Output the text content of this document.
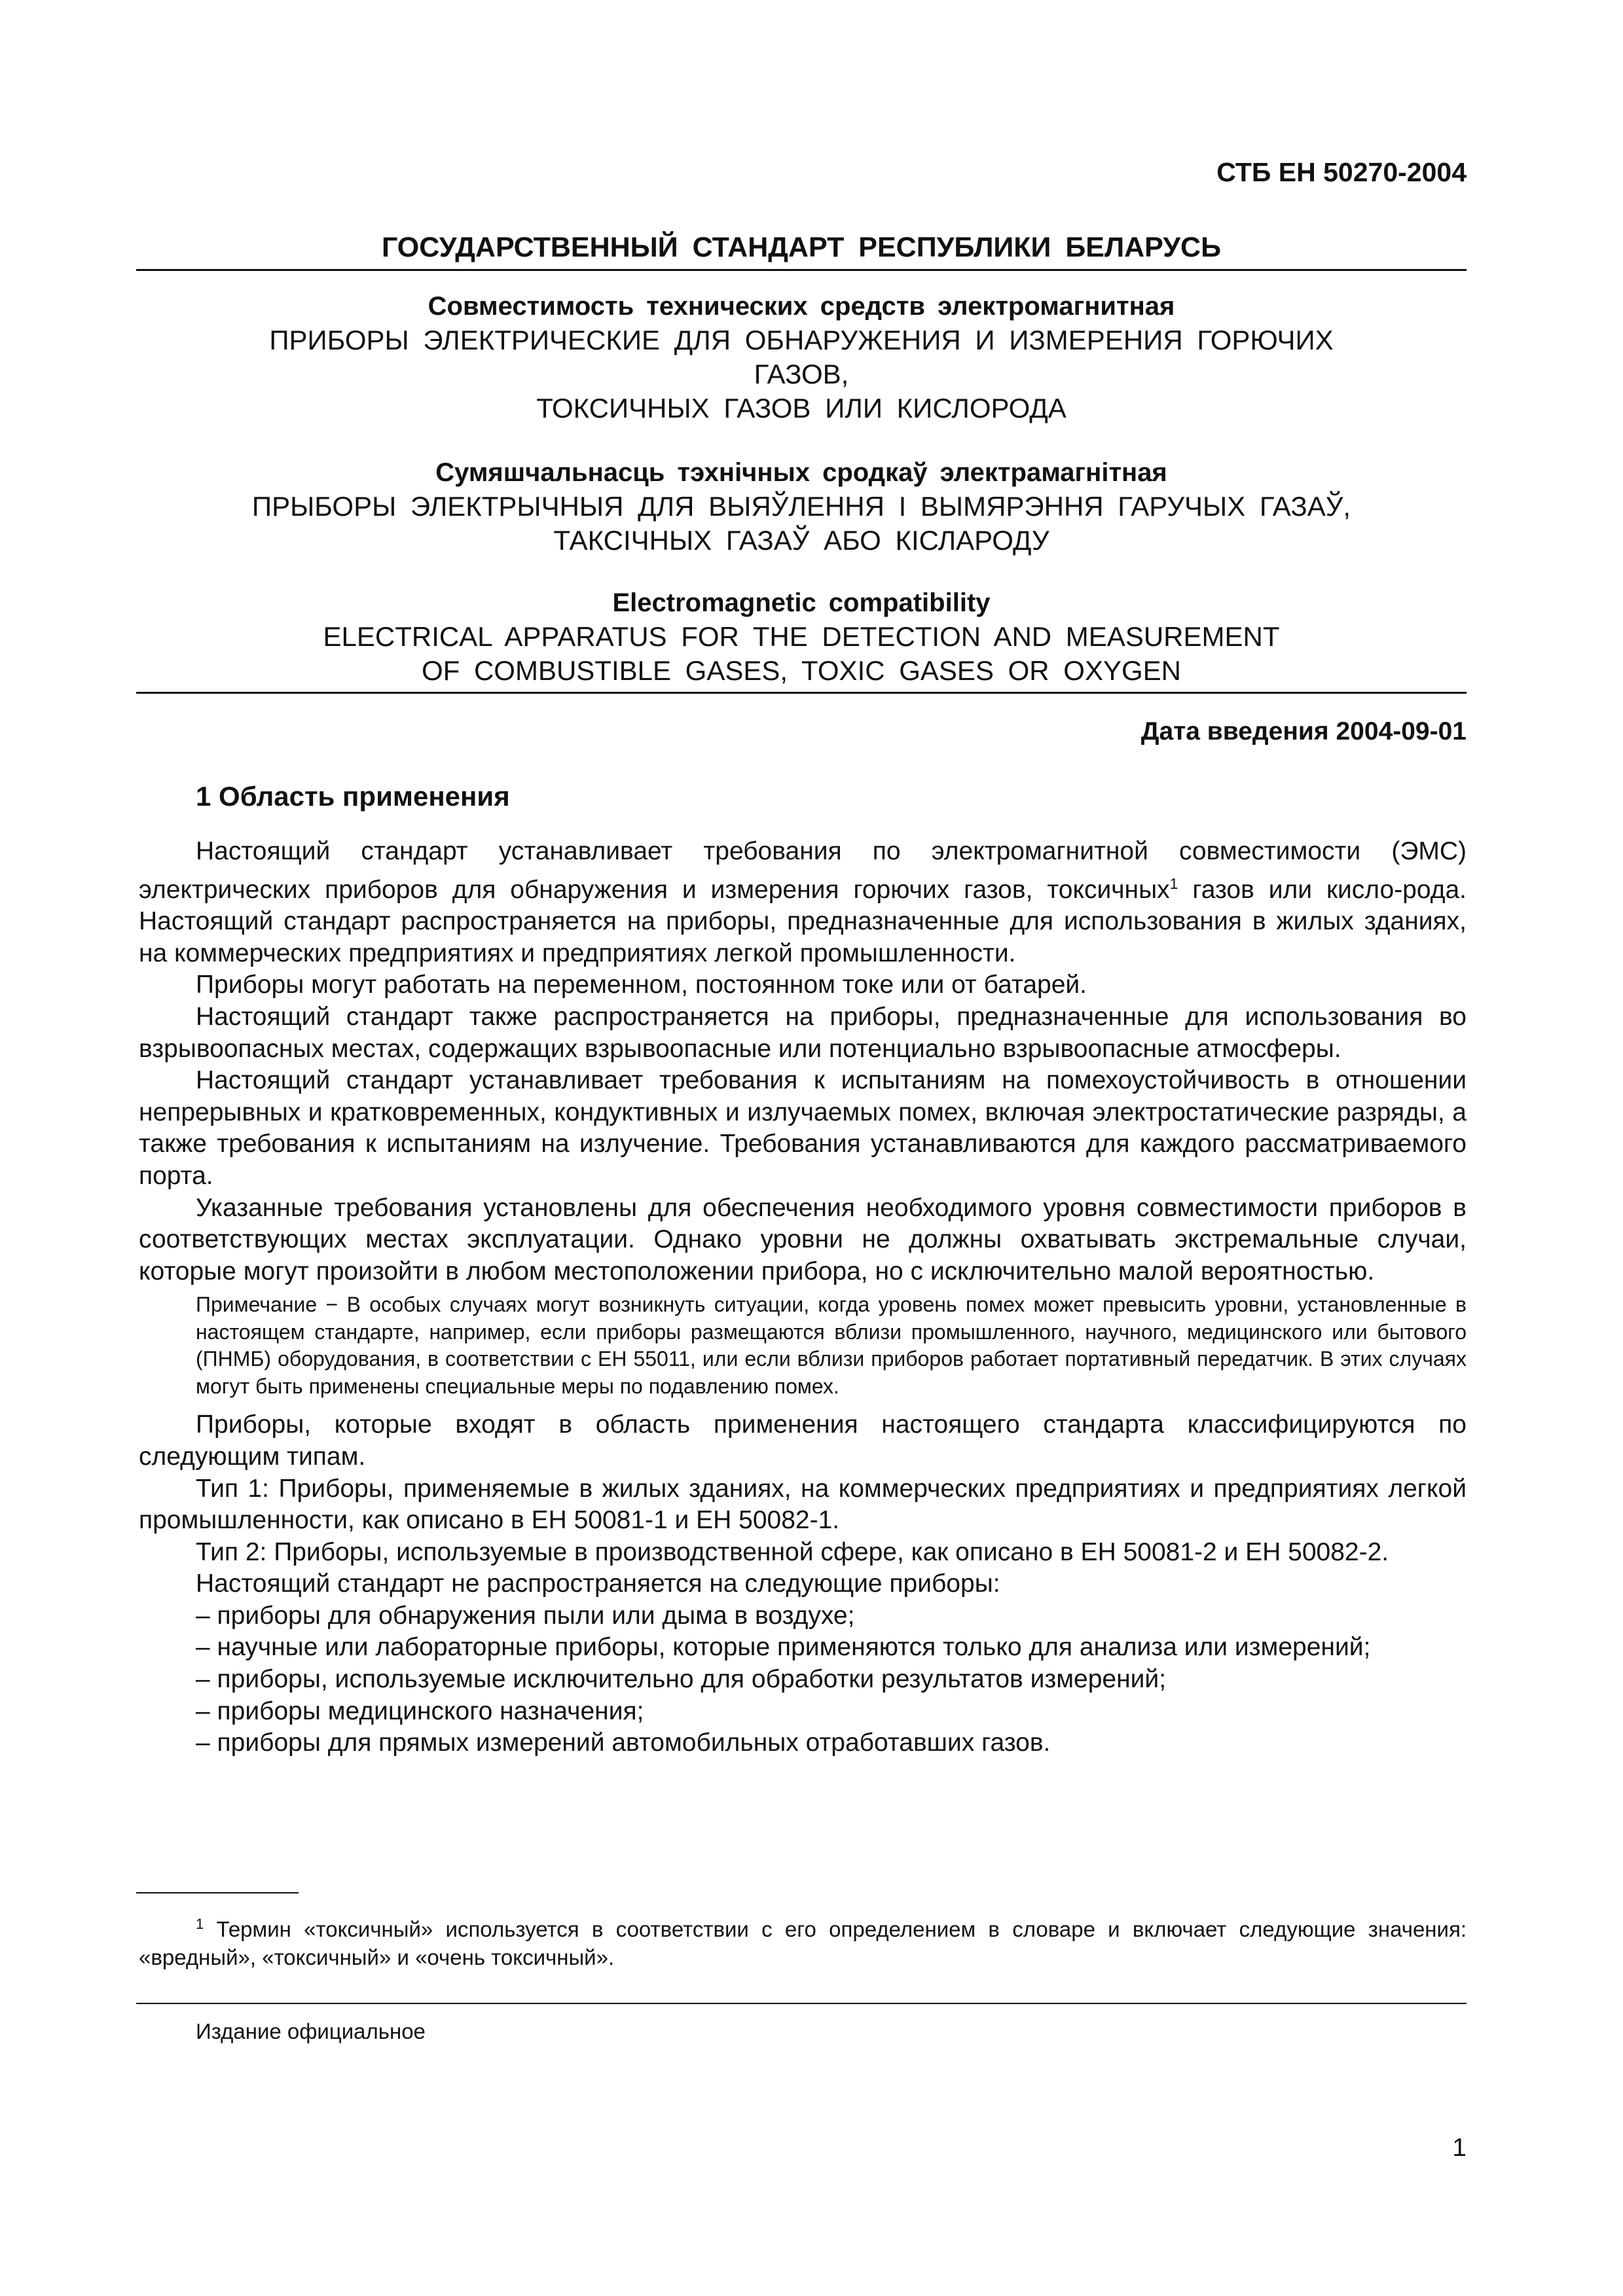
СТБ ЕН 50270-2004
ГОСУДАРСТВЕННЫЙ СТАНДАРТ РЕСПУБЛИКИ БЕЛАРУСЬ
Совместимость технических средств электромагнитная
ПРИБОРЫ ЭЛЕКТРИЧЕСКИЕ ДЛЯ ОБНАРУЖЕНИЯ И ИЗМЕРЕНИЯ ГОРЮЧИХ
ГАЗОВ,
ТОКСИЧНЫХ ГАЗОВ ИЛИ КИСЛОРОДА
Сумяшчальнасць тэхнічных сродкаў электрамагнітная
ПРЫБОРЫ ЭЛЕКТРЫЧНЫЯ ДЛЯ ВЫЯЎЛЕННЯ І ВЫМЯРЭННЯ ГАРУЧЫХ ГАЗАЎ,
ТАКСІЧНЫХ ГАЗАЎ АБО КІСЛАРОДУ
Electromagnetic compatibility
ELECTRICAL APPARATUS FOR THE DETECTION AND MEASUREMENT
OF COMBUSTIBLE GASES, TOXIC GASES OR OXYGEN
Дата введения 2004-09-01
1 Область применения

Настоящий стандарт устанавливает требования по электромагнитной совместимости (ЭМС) электрических приборов для обнаружения и измерения горючих газов, токсичных$^1$ газов или кисло-рода. Настоящий стандарт распространяется на приборы, предназначенные для использования в жилых зданиях, на коммерческих предприятиях и предприятиях легкой промышленности.

Приборы могут работать на переменном, постоянном токе или от батарей.

Настоящий стандарт также распространяется на приборы, предназначенные для использования во взрывоопасных местах, содержащих взрывоопасные или потенциально взрывоопасные атмосферы.

Настоящий стандарт устанавливает требования к испытаниям на помехоустойчивость в отношении непрерывных и кратковременных, кондуктивных и излучаемых помех, включая электростатические разряды, а также требования к испытаниям на излучение. Требования устанавливаются для каждого рассматриваемого порта.

Указанные требования установлены для обеспечения необходимого уровня совместимости приборов в соответствующих местах эксплуатации. Однако уровни не должны охватывать экстремальные случаи, которые могут произойти в любом местоположении прибора, но с исключительно малой вероятностью.

Примечание − В особых случаях могут возникнуть ситуации, когда уровень помех может превысить уровни, установленные в настоящем стандарте, например, если приборы размещаются вблизи промышленного, научного, медицинского или бытового (ПНМБ) оборудования, в соответствии с ЕН 55011, или если вблизи приборов работает портативный передатчик. В этих случаях могут быть применены специальные меры по подавлению помех.

Приборы, которые входят в область применения настоящего стандарта классифицируются по следующим типам.

Тип 1: Приборы, применяемые в жилых зданиях, на коммерческих предприятиях и предприятиях легкой промышленности, как описано в ЕН 50081-1 и ЕН 50082-1.

Тип 2: Приборы, используемые в производственной сфере, как описано в ЕН 50081-2 и ЕН 50082-2.

Настоящий стандарт не распространяется на следующие приборы:

– приборы для обнаружения пыли или дыма в воздухе;

– научные или лабораторные приборы, которые применяются только для анализа или измерений;

– приборы, используемые исключительно для обработки результатов измерений;

– приборы медицинского назначения;

– приборы для прямых измерений автомобильных отработавших газов.

$^1$ Термин «токсичный» используется в соответствии с его определением в словаре и включает следующие значения: «вредный», «токсичный» и «очень токсичный».
Издание официальное
1
